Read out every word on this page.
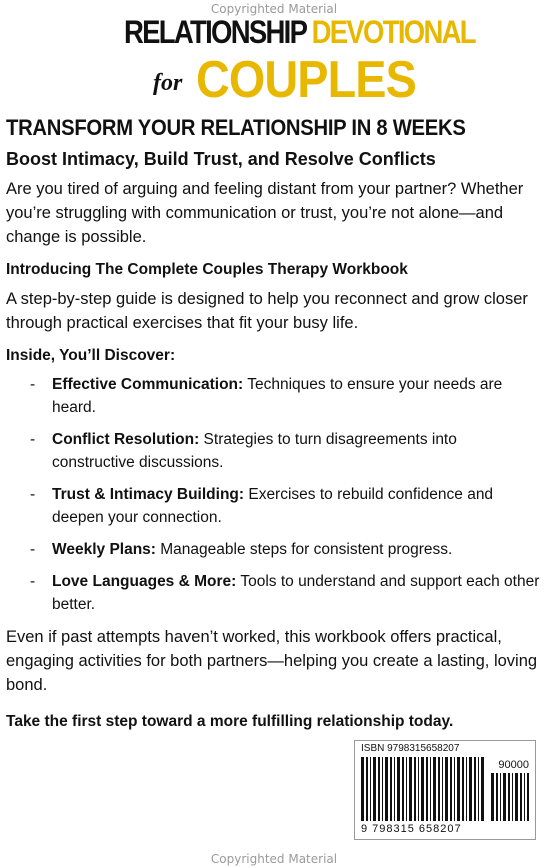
Copyrighted Material
RELATIONSHIP DEVOTIONAL
for COUPLES
TRANSFORM YOUR RELATIONSHIP IN 8 WEEKS
Boost Intimacy, Build Trust, and Resolve Conflicts
Are you tired of arguing and feeling distant from your partner? Whether you’re struggling with communication or trust, you’re not alone—and change is possible.
Introducing The Complete Couples Therapy Workbook
A step-by-step guide is designed to help you reconnect and grow closer through practical exercises that fit your busy life.
Inside, You’ll Discover:
- Effective Communication: Techniques to ensure your needs are heard.
- Conflict Resolution: Strategies to turn disagreements into constructive discussions.
- Trust & Intimacy Building: Exercises to rebuild confidence and deepen your connection.
- Weekly Plans: Manageable steps for consistent progress.
- Love Languages & More: Tools to understand and support each other better.
Even if past attempts haven’t worked, this workbook offers practical, engaging activities for both partners—helping you create a lasting, loving bond.
Take the first step toward a more fulfilling relationship today.
ISBN 9798315658207
90000
9 798315 658207
Copyrighted Material
